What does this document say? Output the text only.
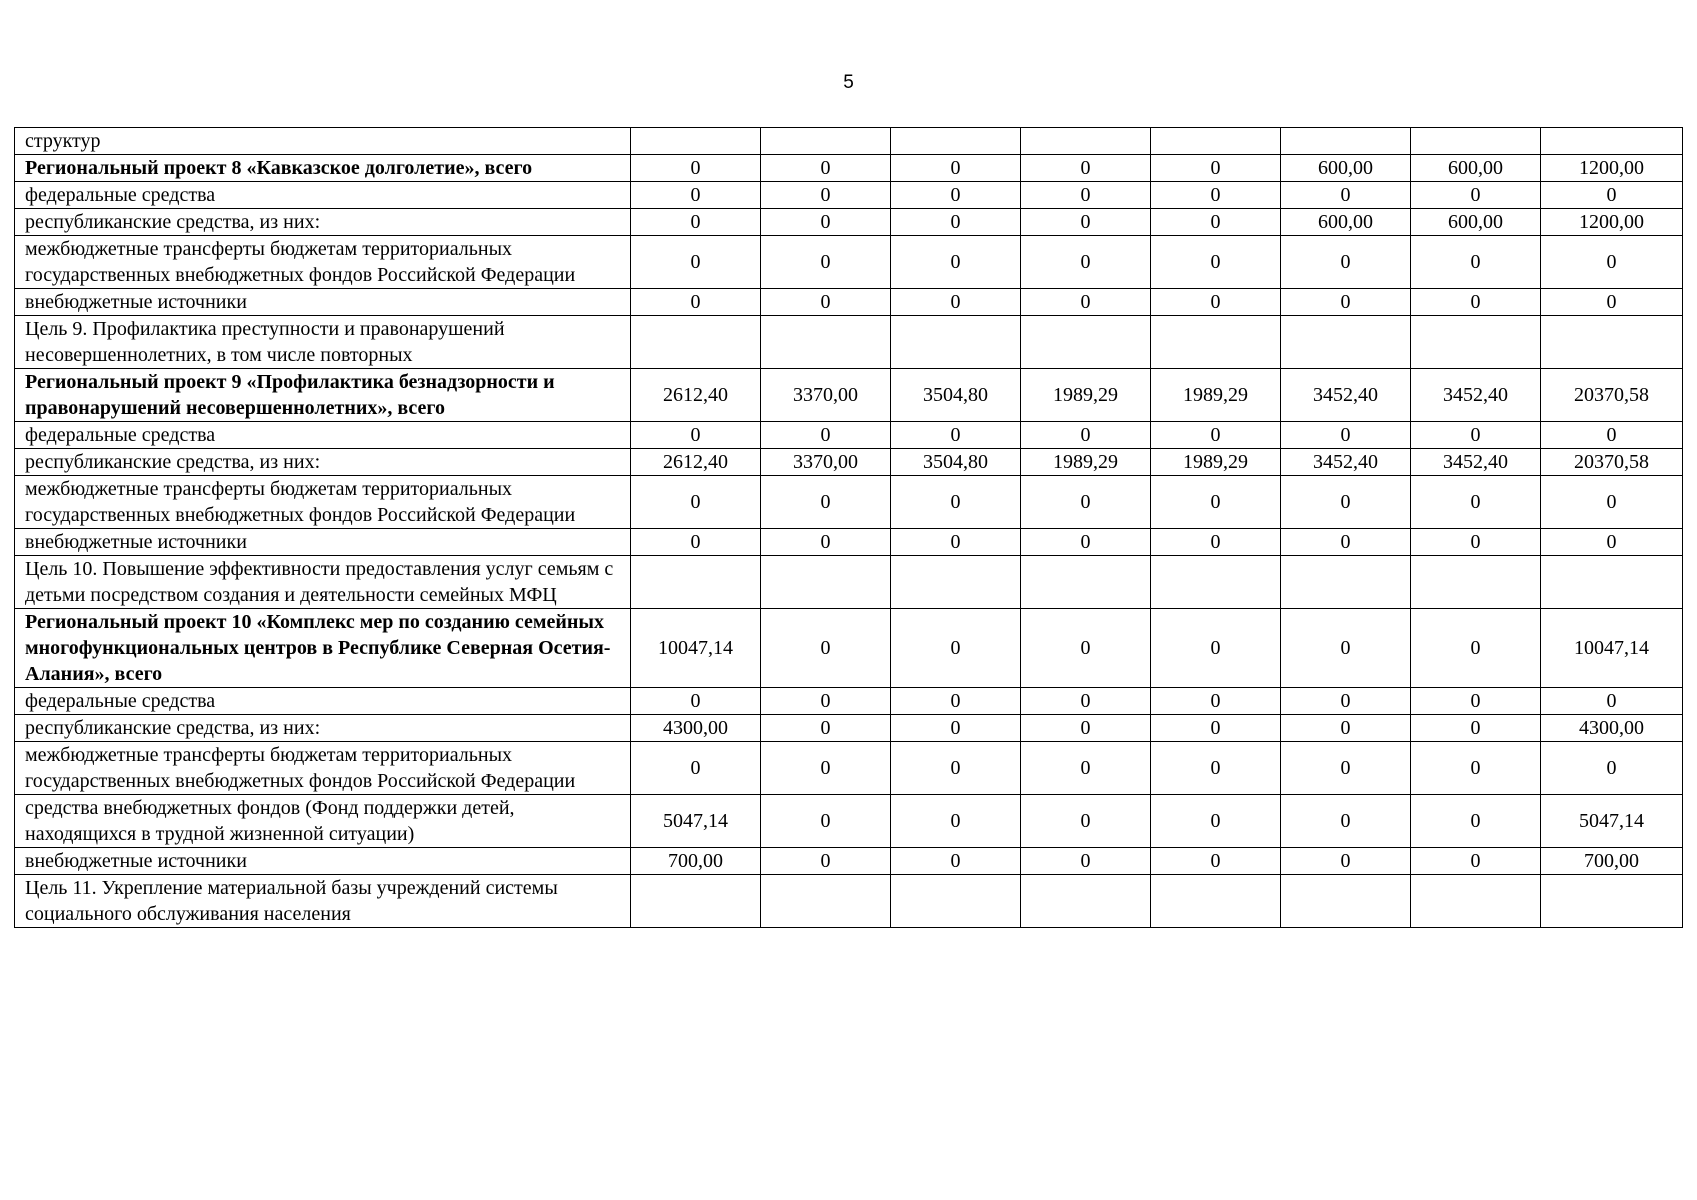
5
структур								
Региональный проект 8 «Кавказское долголетие», всего	0	0	0	0	0	600,00	600,00	1200,00
федеральные средства	0	0	0	0	0	0	0	0
республиканские средства, из них:	0	0	0	0	0	600,00	600,00	1200,00
межбюджетные трансферты бюджетам территориальных государственных внебюджетных фондов Российской Федерации	0	0	0	0	0	0	0	0
внебюджетные источники	0	0	0	0	0	0	0	0
Цель 9. Профилактика преступности и правонарушений несовершеннолетних, в том числе повторных								
Региональный проект 9 «Профилактика безнадзорности и правонарушений несовершеннолетних», всего	2612,40	3370,00	3504,80	1989,29	1989,29	3452,40	3452,40	20370,58
федеральные средства	0	0	0	0	0	0	0	0
республиканские средства, из них:	2612,40	3370,00	3504,80	1989,29	1989,29	3452,40	3452,40	20370,58
межбюджетные трансферты бюджетам территориальных государственных внебюджетных фондов Российской Федерации	0	0	0	0	0	0	0	0
внебюджетные источники	0	0	0	0	0	0	0	0
Цель 10. Повышение эффективности предоставления услуг семьям с детьми посредством создания и деятельности семейных МФЦ								
Региональный проект 10 «Комплекс мер по созданию семейных многофункциональных центров в Республике Северная Осетия-Алания», всего	10047,14	0	0	0	0	0	0	10047,14
федеральные средства	0	0	0	0	0	0	0	0
республиканские средства, из них:	4300,00	0	0	0	0	0	0	4300,00
межбюджетные трансферты бюджетам территориальных государственных внебюджетных фондов Российской Федерации	0	0	0	0	0	0	0	0
средства внебюджетных фондов (Фонд поддержки детей, находящихся в трудной жизненной ситуации)	5047,14	0	0	0	0	0	0	5047,14
внебюджетные источники	700,00	0	0	0	0	0	0	700,00
Цель 11. Укрепление материальной базы учреждений системы социального обслуживания населения								
